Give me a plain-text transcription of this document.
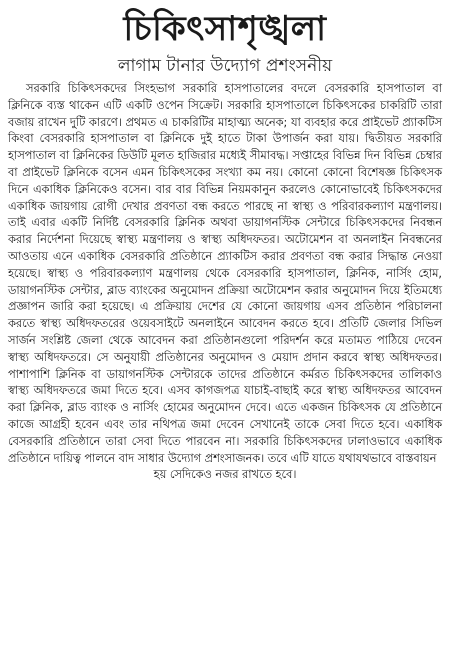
চিকিৎসাশৃঙ্খলা
লাগাম টানার উদ্যোগ প্রশংসনীয়

সরকারি চিকিৎসকদের সিংহভাগ সরকারি হাসপাতালের বদলে বেসরকারি হাসপাতাল বা ক্লিনিকে ব্যস্ত থাকেন এটি একটি ওপেন সিক্রেট। সরকারি হাসপাতালে চিকিৎসকের চাকরিটি তারা বজায় রাখেন দুটি কারণে। প্রথমত এ চাকরিটির মাহাত্ম্য অনেক; যা ব্যবহার করে প্রাইভেট প্র্যাকটিস কিংবা বেসরকারি হাসপাতাল বা ক্লিনিকে দুই হাতে টাকা উপার্জন করা যায়। দ্বিতীয়ত সরকারি হাসপাতাল বা ক্লিনিকের ডিউটি মূলত হাজিরার মধ্যেই সীমাবদ্ধ। সপ্তাহের বিভিন্ন দিন বিভিন্ন চেম্বার বা প্রাইভেট ক্লিনিকে বসেন এমন চিকিৎসকের সংখ্যা কম নয়। কোনো কোনো বিশেষজ্ঞ চিকিৎসক দিনে একাধিক ক্লিনিকেও বসেন। বার বার বিভিন্ন নিয়মকানুন করলেও কোনোভাবেই চিকিৎসকদের একাধিক জায়গায় রোগী দেখার প্রবণতা বন্ধ করতে পারছে না স্বাস্থ্য ও পরিবারকল্যাণ মন্ত্রণালয়। তাই এবার একটি নির্দিষ্ট বেসরকারি ক্লিনিক অথবা ডায়াগনস্টিক সেন্টারে চিকিৎসকদের নিবন্ধন করার নির্দেশনা দিয়েছে স্বাস্থ্য মন্ত্রণালয় ও স্বাস্থ্য অধিদফতর। অটোমেশন বা অনলাইন নিবন্ধনের আওতায় এনে একাধিক বেসরকারি প্রতিষ্ঠানে প্র্যাকটিস করার প্রবণতা বন্ধ করার সিদ্ধান্ত নেওয়া হয়েছে। স্বাস্থ্য ও পরিবারকল্যাণ মন্ত্রণালয় থেকে বেসরকারি হাসপাতাল, ক্লিনিক, নার্সিং হোম, ডায়াগনস্টিক সেন্টার, ব্লাড ব্যাংকের অনুমোদন প্রক্রিয়া অটোমেশন করার অনুমোদন দিয়ে ইতিমধ্যে প্রজ্ঞাপন জারি করা হয়েছে। এ প্রক্রিয়ায় দেশের যে কোনো জায়গায় এসব প্রতিষ্ঠান পরিচালনা করতে স্বাস্থ্য অধিদফতরের ওয়েবসাইটে অনলাইনে আবেদন করতে হবে। প্রতিটি জেলার সিভিল সার্জন সংশ্লিষ্ট জেলা থেকে আবেদন করা প্রতিষ্ঠানগুলো পরিদর্শন করে মতামত পাঠিয়ে দেবেন স্বাস্থ্য অধিদফতরে। সে অনুযায়ী প্রতিষ্ঠানের অনুমোদন ও মেয়াদ প্রদান করবে স্বাস্থ্য অধিদফতর। পাশাপাশি ক্লিনিক বা ডায়াগনস্টিক সেন্টারকে তাদের প্রতিষ্ঠানে কর্মরত চিকিৎসকদের তালিকাও স্বাস্থ্য অধিদফতরে জমা দিতে হবে। এসব কাগজপত্র যাচাই-বাছাই করে স্বাস্থ্য অধিদফতর আবেদন করা ক্লিনিক, ব্লাড ব্যাংক ও নার্সিং হোমের অনুমোদন দেবে। এতে একজন চিকিৎসক যে প্রতিষ্ঠানে কাজে আগ্রহী হবেন এবং তার নথিপত্র জমা দেবেন সেখানেই তাকে সেবা দিতে হবে। একাধিক বেসরকারি প্রতিষ্ঠানে তারা সেবা দিতে পারবেন না। সরকারি চিকিৎসকদের ঢালাওভাবে একাধিক প্রতিষ্ঠানে দায়িত্ব পালনে বাদ সাধার উদ্যোগ প্রশংসাজনক। তবে এটি যাতে যথাযথভাবে বাস্তবায়ন

হয় সেদিকেও নজর রাখতে হবে।
